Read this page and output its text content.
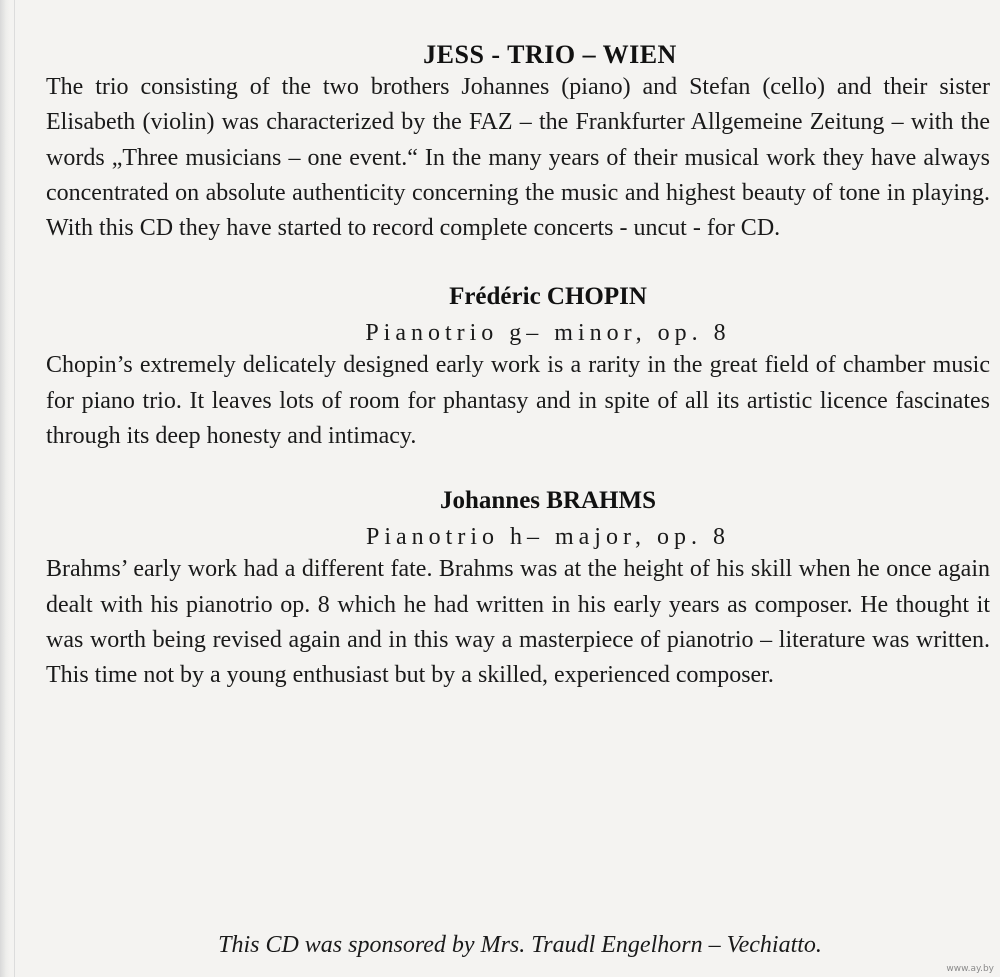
JESS - TRIO – WIEN

The trio consisting of the two brothers Johannes (piano) and Stefan (cello) and their sister Elisabeth (violin) was characterized by the FAZ – the Frankfurter Allgemeine Zeitung – with the words „Three musicians – one event.“ In the many years of their musical work they have always concentrated on absolute authenticity concerning the music and highest beauty of tone in playing. With this CD they have started to record complete concerts - uncut - for CD.

Frédéric CHOPIN
Pianotrio g– minor, op. 8

Chopin’s extremely delicately designed early work is a rarity in the great field of chamber music for piano trio. It leaves lots of room for phantasy and in spite of all its artistic licence fascinates through its deep honesty and intimacy.

Johannes BRAHMS
Pianotrio h– major, op. 8

Brahms’ early work had a different fate. Brahms was at the height of his skill when he once again dealt with his pianotrio op. 8 which he had written in his early years as composer. He thought it was worth being revised again and in this way a masterpiece of pianotrio – literature was written. This time not by a young enthusiast but by a skilled, experienced composer.

This CD was sponsored by Mrs. Traudl Engelhorn – Vechiatto.
www.ay.by
